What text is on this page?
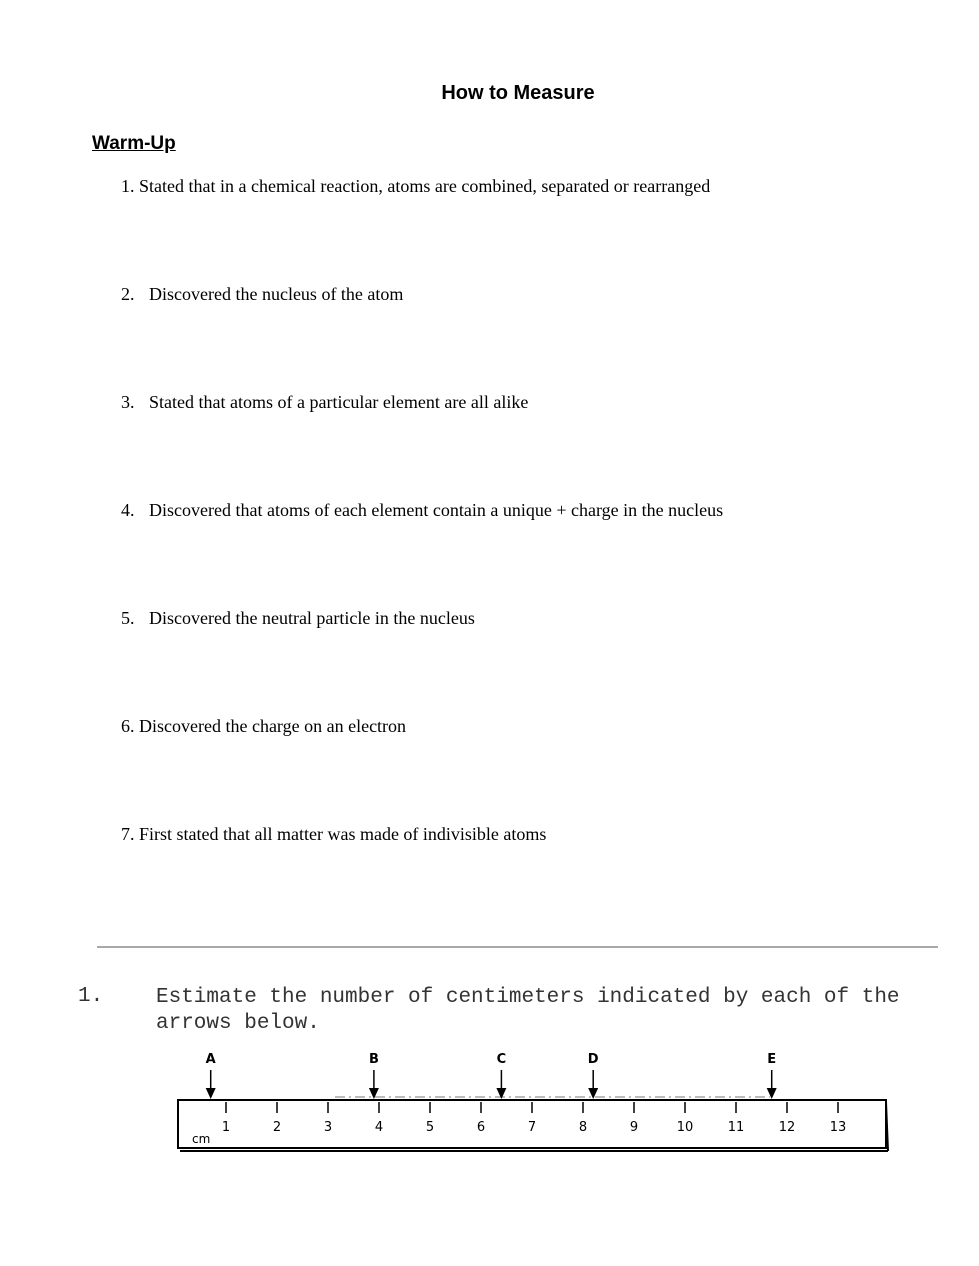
How to Measure
Warm-Up
1. Stated that in a chemical reaction, atoms are combined, separated or rearranged
2. Discovered the nucleus of the atom
3. Stated that atoms of a particular element are all alike
4. Discovered that atoms of each element contain a unique + charge in the nucleus
5. Discovered the neutral particle in the nucleus
6. Discovered the charge on an electron
7. First stated that all matter was made of indivisible atoms
1.	Estimate the number of centimeters indicated by each of the arrows below.
cm
1	2	3	4	5	6	7	8	9	10	11	12	13
A	B	C	D	E
